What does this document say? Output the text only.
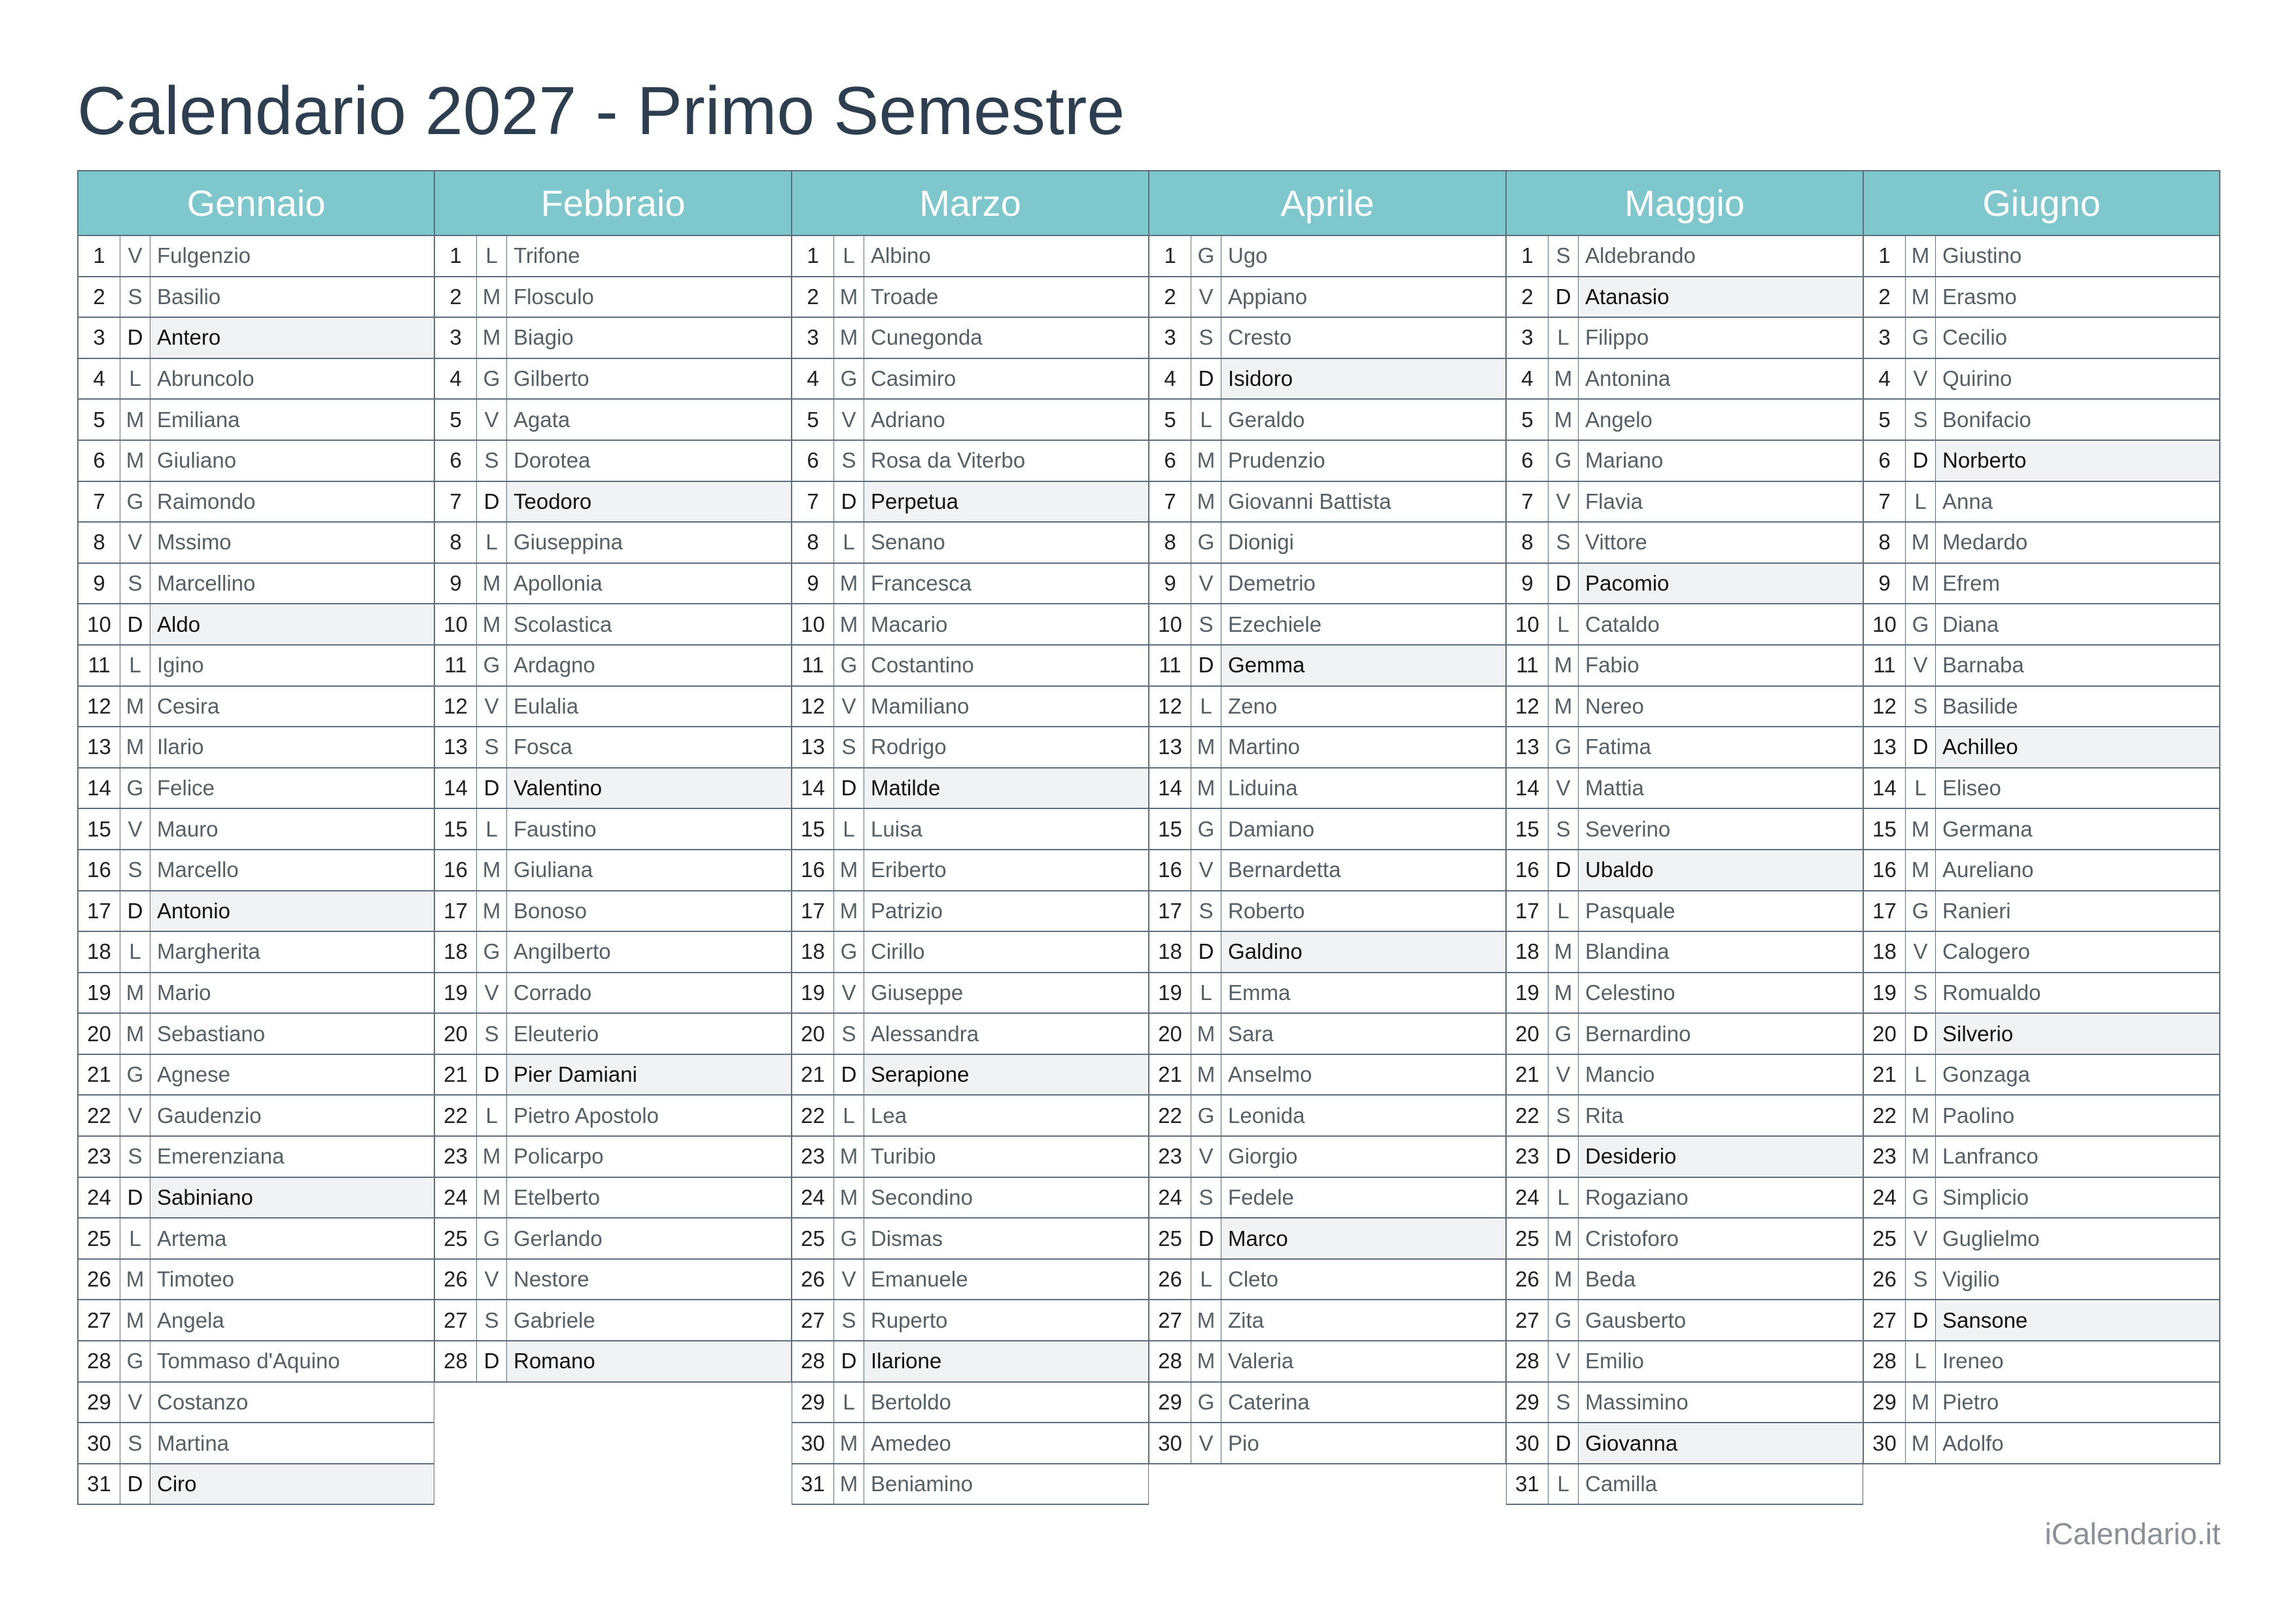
Calendario 2027 - Primo Semestre
Gennaio
1	V Fulgenzio
2	S Basilio
3	D Antero
4	L Abruncolo
5 M Emiliana
6 M Giuliano
7 G Raimondo
8	V Mssimo
9	S Marcellino
10 D Aldo
11 L Igino
12 M Cesira
13 M Ilario
14 G Felice
15 V Mauro
16 S Marcello
17 D Antonio
18 L Margherita
19 M Mario
20 M Sebastiano
21 G Agnese
22 V Gaudenzio
23 S Emerenziana
24 D Sabiniano
25 L Artema
26 M Timoteo
27 M Angela
28 G Tommaso d'Aquino
29 V Costanzo
30 S Martina
31 D Ciro
Febbraio
1	L Trifone
2 M Flosculo
3 M Biagio
4 G Gilberto
5	V Agata
6	S Dorotea
7	D Teodoro
8	L Giuseppina
9 M Apollonia
10 M Scolastica
11 G Ardagno
12 V Eulalia
13 S Fosca
14 D Valentino
15 L Faustino
16 M Giuliana
17 M Bonoso
18 G Angilberto
19 V Corrado
20 S Eleuterio
21 D Pier Damiani
22 L Pietro Apostolo
23 M Policarpo
24 M Etelberto
25 G Gerlando
26 V Nestore
27 S Gabriele
28 D Romano
Marzo
1	L Albino
2 M Troade
3 M Cunegonda
4 G Casimiro
5	V Adriano
6	S Rosa da Viterbo
7	D Perpetua
8	L Senano
9 M Francesca
10 M Macario
11 G Costantino
12 V Mamiliano
13 S Rodrigo
14 D Matilde
15 L Luisa
16 M Eriberto
17 M Patrizio
18 G Cirillo
19 V Giuseppe
20 S Alessandra
21 D Serapione
22 L Lea
23 M Turibio
24 M Secondino
25 G Dismas
26 V Emanuele
27 S Ruperto
28 D Ilarione
29 L Bertoldo
30 M Amedeo
31 M Beniamino
Aprile
1 G Ugo
2	V Appiano
3	S Cresto
4	D Isidoro
5	L Geraldo
6 M Prudenzio
7 M Giovanni Battista
8 G Dionigi
9	V Demetrio
10 S Ezechiele
11 D Gemma
12 L Zeno
13 M Martino
14 M Liduina
15 G Damiano
16 V Bernardetta
17 S Roberto
18 D Galdino
19 L Emma
20 M Sara
21 M Anselmo
22 G Leonida
23 V Giorgio
24 S Fedele
25 D Marco
26 L Cleto
27 M Zita
28 M Valeria
29 G Caterina
30 V Pio
Maggio
1	S Aldebrando
2	D Atanasio
3	L Filippo
4 M Antonina
5 M Angelo
6 G Mariano
7	V Flavia
8	S Vittore
9	D Pacomio
10 L Cataldo
11 M Fabio
12 M Nereo
13 G Fatima
14 V Mattia
15 S Severino
16 D Ubaldo
17 L Pasquale
18 M Blandina
19 M Celestino
20 G Bernardino
21 V Mancio
22 S Rita
23 D Desiderio
24 L Rogaziano
25 M Cristoforo
26 M Beda
27 G Gausberto
28 V Emilio
29 S Massimino
30 D Giovanna
31 L Camilla
Giugno
1 M Giustino
2 M Erasmo
3 G Cecilio
4	V Quirino
5	S Bonifacio
6	D Norberto
7	L Anna
8 M Medardo
9 M Efrem
10 G Diana
11 V Barnaba
12 S Basilide
13 D Achilleo
14 L Eliseo
15 M Germana
16 M Aureliano
17 G Ranieri
18 V Calogero
19 S Romualdo
20 D Silverio
21 L Gonzaga
22 M Paolino
23 M Lanfranco
24 G Simplicio
25 V Guglielmo
26 S Vigilio
27 D Sansone
28 L Ireneo
29 M Pietro
30 M Adolfo
iCalendario.it
